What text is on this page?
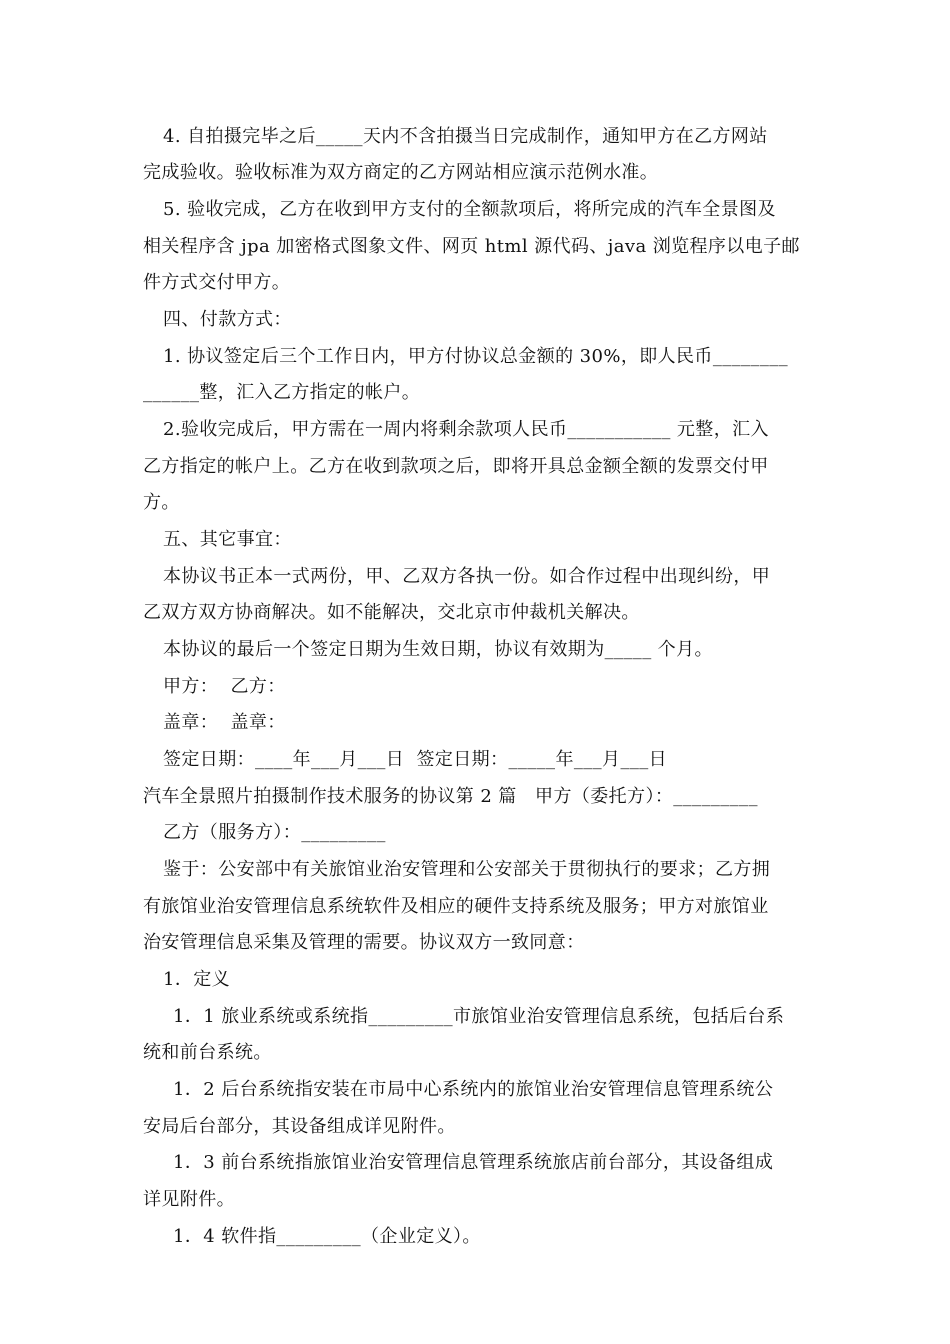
4. 自拍摄完毕之后_____天内不含拍摄当日完成制作，通知甲方在乙方网站
完成验收。验收标准为双方商定的乙方网站相应演示范例水准。
5. 验收完成，乙方在收到甲方支付的全额款项后，将所完成的汽车全景图及
相关程序含 jpa 加密格式图象文件、网页 html 源代码、java 浏览程序以电子邮
件方式交付甲方。
四、付款方式：
1. 协议签定后三个工作日内，甲方付协议总金额的 30%，即人民币________
______整，汇入乙方指定的帐户。
2.验收完成后，甲方需在一周内将剩余款项人民币___________ 元整，汇入
乙方指定的帐户上。乙方在收到款项之后，即将开具总金额全额的发票交付甲
方。
五、其它事宜：
本协议书正本一式两份，甲、乙双方各执一份。如合作过程中出现纠纷，甲
乙双方双方协商解决。如不能解决，交北京市仲裁机关解决。
本协议的最后一个签定日期为生效日期，协议有效期为_____ 个月。
甲方：  乙方：
盖章：  盖章：
签定日期：____年___月___日  签定日期：_____年___月___日
汽车全景照片拍摄制作技术服务的协议第 2 篇   甲方（委托方）：_________
乙方（服务方）：_________
鉴于：公安部中有关旅馆业治安管理和公安部关于贯彻执行的要求；乙方拥
有旅馆业治安管理信息系统软件及相应的硬件支持系统及服务；甲方对旅馆业
治安管理信息采集及管理的需要。协议双方一致同意：
1．定义
1．1 旅业系统或系统指_________市旅馆业治安管理信息系统，包括后台系
统和前台系统。
1．2 后台系统指安装在市局中心系统内的旅馆业治安管理信息管理系统公
安局后台部分，其设备组成详见附件。
1．3 前台系统指旅馆业治安管理信息管理系统旅店前台部分，其设备组成
详见附件。
1．4 软件指_________（企业定义）。
